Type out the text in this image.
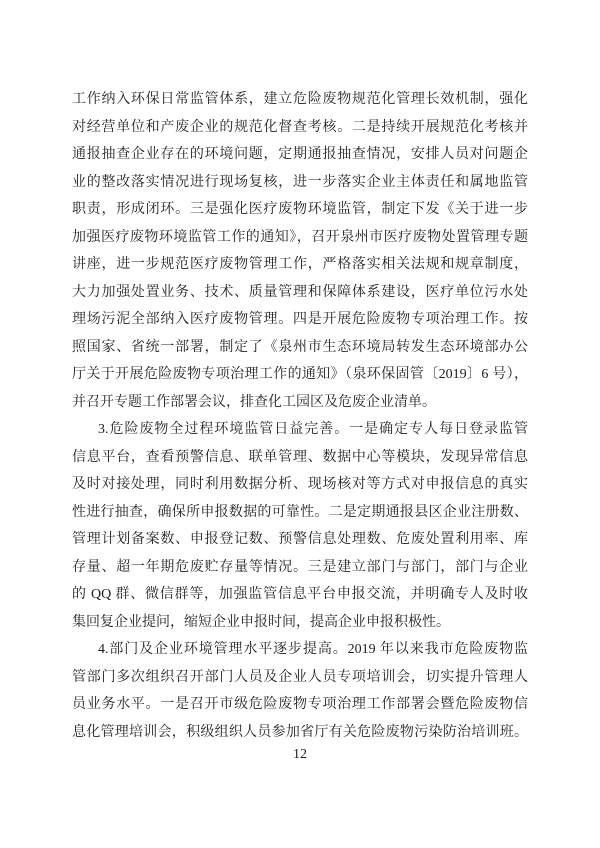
工作纳入环保日常监管体系，建立危险废物规范化管理长效机制，强化
对经营单位和产废企业的规范化督查考核。二是持续开展规范化考核并
通报抽查企业存在的环境问题，定期通报抽查情况，安排人员对问题企
业的整改落实情况进行现场复核，进一步落实企业主体责任和属地监管
职责，形成闭环。三是强化医疗废物环境监管，制定下发《关于进一步
加强医疗废物环境监管工作的通知》，召开泉州市医疗废物处置管理专题
讲座，进一步规范医疗废物管理工作，严格落实相关法规和规章制度，
大力加强处置业务、技术、质量管理和保障体系建设，医疗单位污水处
理场污泥全部纳入医疗废物管理。四是开展危险废物专项治理工作。按
照国家、省统一部署，制定了《泉州市生态环境局转发生态环境部办公
厅关于开展危险废物专项治理工作的通知》（泉环保固管〔2019〕6 号），
并召开专题工作部署会议，排查化工园区及危废企业清单。
3.危险废物全过程环境监管日益完善。一是确定专人每日登录监管
信息平台，查看预警信息、联单管理、数据中心等模块，发现异常信息
及时对接处理，同时利用数据分析、现场核对等方式对申报信息的真实
性进行抽查，确保所申报数据的可靠性。二是定期通报县区企业注册数、
管理计划备案数、申报登记数、预警信息处理数、危废处置利用率、库
存量、超一年期危废贮存量等情况。三是建立部门与部门，部门与企业
的 QQ 群、微信群等，加强监管信息平台申报交流，并明确专人及时收
集回复企业提问，缩短企业申报时间，提高企业申报积极性。
4.部门及企业环境管理水平逐步提高。2019 年以来我市危险废物监
管部门多次组织召开部门人员及企业人员专项培训会，切实提升管理人
员业务水平。一是召开市级危险废物专项治理工作部署会暨危险废物信
息化管理培训会，积级组织人员参加省厅有关危险废物污染防治培训班。
12
